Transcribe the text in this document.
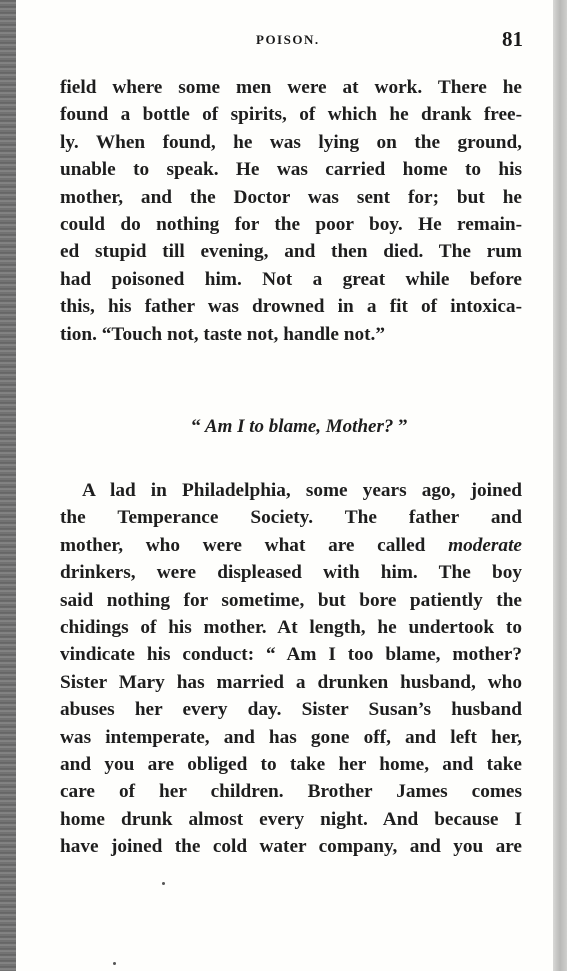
POISON.	81
field where some men were at work. There he
found a bottle of spirits, of which he drank free-
ly. When found, he was lying on the ground,
unable to speak. He was carried home to his
mother, and the Doctor was sent for; but he
could do nothing for the poor boy. He remain-
ed stupid till evening, and then died. The rum
had poisoned him. Not a great while before
this, his father was drowned in a fit of intoxica-
tion. “Touch not, taste not, handle not.”
“ Am I to blame, Mother? ”
A lad in Philadelphia, some years ago, joined
the Temperance Society. The father and
mother, who were what are called moderate
drinkers, were displeased with him. The boy
said nothing for sometime, but bore patiently the
chidings of his mother. At length, he undertook to
vindicate his conduct: “ Am I too blame, mother?
Sister Mary has married a drunken husband, who
abuses her every day. Sister Susan’s husband
was intemperate, and has gone off, and left her,
and you are obliged to take her home, and take
care of her children. Brother James comes
home drunk almost every night. And because I
have joined the cold water company, and you are
